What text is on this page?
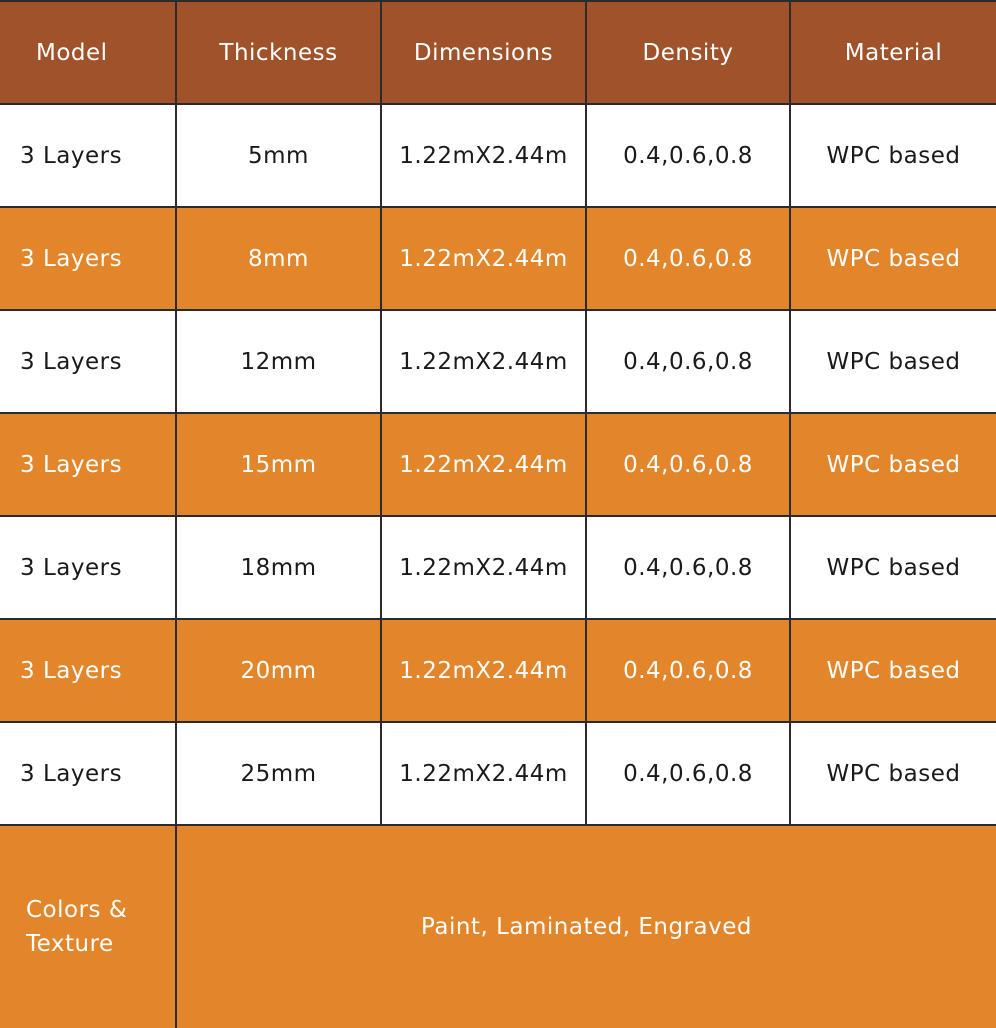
Model	Thickness	Dimensions	Density	Material
3 Layers	5mm	1.22mX2.44m	0.4,0.6,0.8	WPC based
3 Layers	8mm	1.22mX2.44m	0.4,0.6,0.8	WPC based
3 Layers	12mm	1.22mX2.44m	0.4,0.6,0.8	WPC based
3 Layers	15mm	1.22mX2.44m	0.4,0.6,0.8	WPC based
3 Layers	18mm	1.22mX2.44m	0.4,0.6,0.8	WPC based
3 Layers	20mm	1.22mX2.44m	0.4,0.6,0.8	WPC based
3 Layers	25mm	1.22mX2.44m	0.4,0.6,0.8	WPC based
Colors & Texture	Paint, Laminated, Engraved			
